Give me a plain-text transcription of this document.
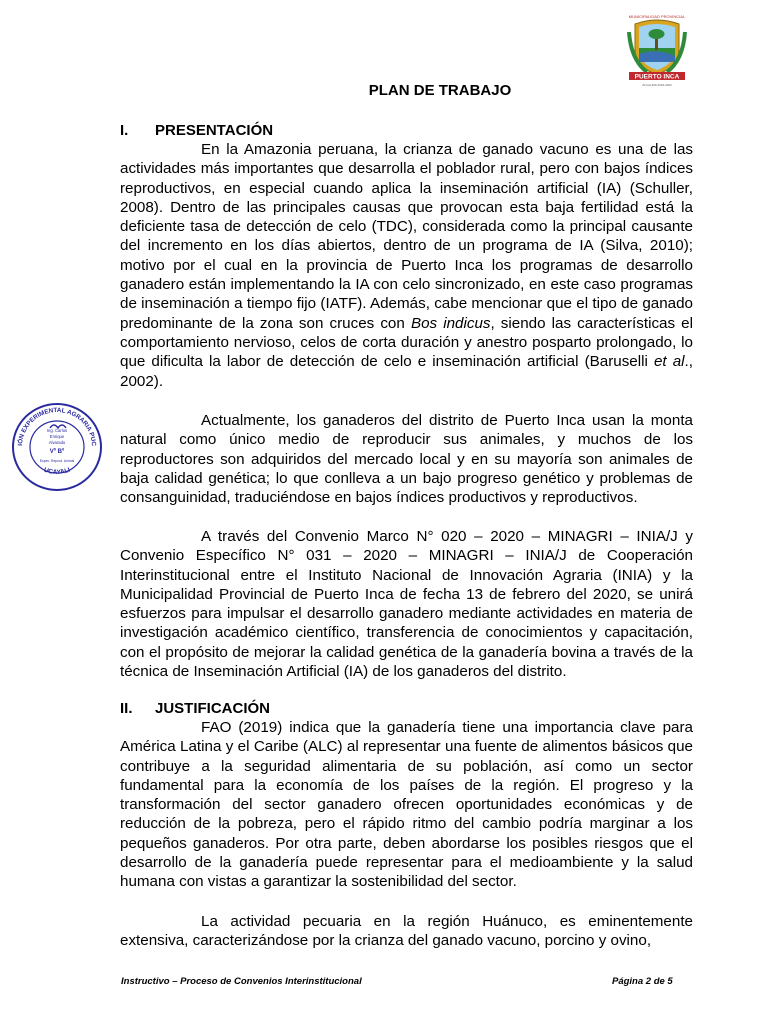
MUNICIPALIDAD PROVINCIAL
PUERTO INCA
ALCALDIA 2019-2022
IÓN EXPERIMENTAL AGRARIA PUC
UCAYALI
Ing. Carlos
Enrique
Alvarado
Vº Bº
Espec. Reprod. Animal
PLAN DE TRABAJO
I. PRESENTACIÓN

En la Amazonia peruana, la crianza de ganado vacuno es una de las actividades más importantes que desarrolla el poblador rural, pero con bajos índices reproductivos, en especial cuando aplica la inseminación artificial (IA) (Schuller, 2008). Dentro de las principales causas que provocan esta baja fertilidad está la deficiente tasa de detección de celo (TDC), considerada como la principal causante del incremento en los días abiertos, dentro de un programa de IA (Silva, 2010); motivo por el cual en la provincia de Puerto Inca los programas de desarrollo ganadero están implementando la IA con celo sincronizado, en este caso programas de inseminación a tiempo fijo (IATF). Además, cabe mencionar que el tipo de ganado predominante de la zona son cruces con Bos indicus, siendo las características el comportamiento nervioso, celos de corta duración y anestro posparto prolongado, lo que dificulta la labor de detección de celo e inseminación artificial (Baruselli et al., 2002).

Actualmente, los ganaderos del distrito de Puerto Inca usan la monta natural como único medio de reproducir sus animales, y muchos de los reproductores son adquiridos del mercado local y en su mayoría son animales de baja calidad genética; lo que conlleva a un bajo progreso genético y problemas de consanguinidad, traduciéndose en bajos índices productivos y reproductivos.

A través del Convenio Marco N° 020 – 2020 – MINAGRI – INIA/J y Convenio Específico N° 031 – 2020 – MINAGRI – INIA/J de Cooperación Interinstitucional entre el Instituto Nacional de Innovación Agraria (INIA) y la Municipalidad Provincial de Puerto Inca de fecha 13 de febrero del 2020, se unirá esfuerzos para impulsar el desarrollo ganadero mediante actividades en materia de investigación académico científico, transferencia de conocimientos y capacitación, con el propósito de mejorar la calidad genética de la ganadería bovina a través de la técnica de Inseminación Artificial (IA) de los ganaderos del distrito.

II. JUSTIFICACIÓN

FAO (2019) indica que la ganadería tiene una importancia clave para América Latina y el Caribe (ALC) al representar una fuente de alimentos básicos que contribuye a la seguridad alimentaria de su población, así como un sector fundamental para la economía de los países de la región. El progreso y la transformación del sector ganadero ofrecen oportunidades económicas y de reducción de la pobreza, pero el rápido ritmo del cambio podría marginar a los pequeños ganaderos. Por otra parte, deben abordarse los posibles riesgos que el desarrollo de la ganadería puede representar para el medioambiente y la salud humana con vistas a garantizar la sostenibilidad del sector.

La actividad pecuaria en la región Huánuco, es eminentemente extensiva, caracterizándose por la crianza del ganado vacuno, porcino y ovino,

Instructivo – Proceso de Convenios Interinstitucional	Página 2 de 5
